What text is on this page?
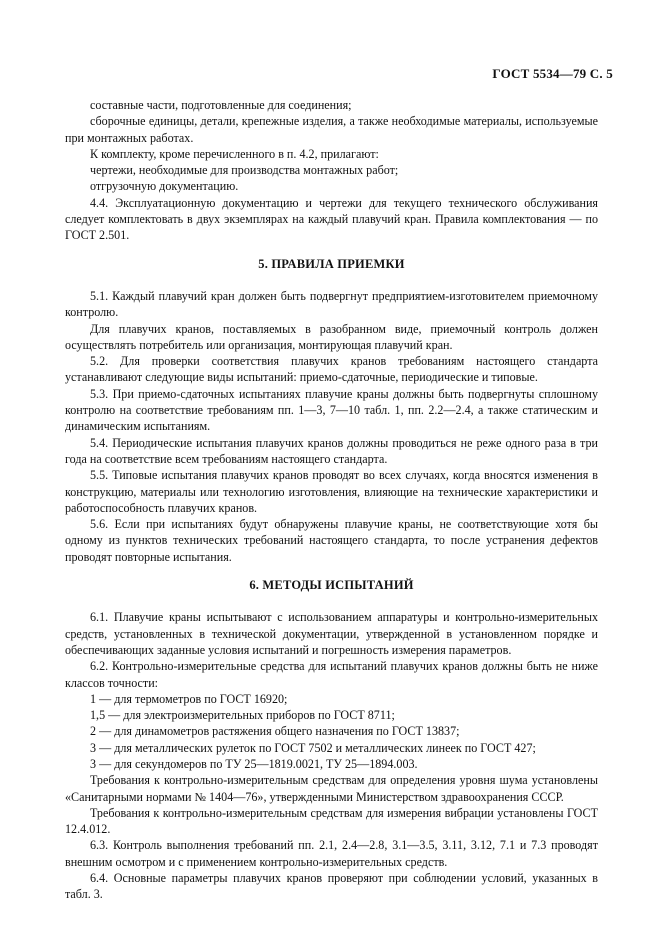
ГОСТ 5534—79 С. 5

составные части, подготовленные для соединения;

сборочные единицы, детали, крепежные изделия, а также необходимые материалы, используемые при монтажных работах.

К комплекту, кроме перечисленного в п. 4.2, прилагают:

чертежи, необходимые для производства монтажных работ;

отгрузочную документацию.

4.4. Эксплуатационную документацию и чертежи для текущего технического обслуживания следует комплектовать в двух экземплярах на каждый плавучий кран. Правила комплектования — по ГОСТ 2.501.

5. ПРАВИЛА ПРИЕМКИ

5.1. Каждый плавучий кран должен быть подвергнут предприятием-изготовителем приемочному контролю.

Для плавучих кранов, поставляемых в разобранном виде, приемочный контроль должен осуществлять потребитель или организация, монтирующая плавучий кран.

5.2. Для проверки соответствия плавучих кранов требованиям настоящего стандарта устанавливают следующие виды испытаний: приемо-сдаточные, периодические и типовые.

5.3. При приемо-сдаточных испытаниях плавучие краны должны быть подвергнуты сплошному контролю на соответствие требованиям пп. 1—3, 7—10 табл. 1, пп. 2.2—2.4, а также статическим и динамическим испытаниям.

5.4. Периодические испытания плавучих кранов должны проводиться не реже одного раза в три года на соответствие всем требованиям настоящего стандарта.

5.5. Типовые испытания плавучих кранов проводят во всех случаях, когда вносятся изменения в конструкцию, материалы или технологию изготовления, влияющие на технические характеристики и работоспособность плавучих кранов.

5.6. Если при испытаниях будут обнаружены плавучие краны, не соответствующие хотя бы одному из пунктов технических требований настоящего стандарта, то после устранения дефектов проводят повторные испытания.

6. МЕТОДЫ ИСПЫТАНИЙ

6.1. Плавучие краны испытывают с использованием аппаратуры и контрольно-измерительных средств, установленных в технической документации, утвержденной в установленном порядке и обеспечивающих заданные условия испытаний и погрешность измерения параметров.

6.2. Контрольно-измерительные средства для испытаний плавучих кранов должны быть не ниже классов точности:

1 — для термометров по ГОСТ 16920;

1,5 — для электроизмерительных приборов по ГОСТ 8711;

2 — для динамометров растяжения общего назначения по ГОСТ 13837;

3 — для металлических рулеток по ГОСТ 7502 и металлических линеек по ГОСТ 427;

3 — для секундомеров по ТУ 25—1819.0021, ТУ 25—1894.003.

Требования к контрольно-измерительным средствам для определения уровня шума установлены «Санитарными нормами № 1404—76», утвержденными Министерством здравоохранения СССР.

Требования к контрольно-измерительным средствам для измерения вибрации установлены ГОСТ 12.4.012.

6.3. Контроль выполнения требований пп. 2.1, 2.4—2.8, 3.1—3.5, 3.11, 3.12, 7.1 и 7.3 проводят внешним осмотром и с применением контрольно-измерительных средств.

6.4. Основные параметры плавучих кранов проверяют при соблюдении условий, указанных в табл. 3.
